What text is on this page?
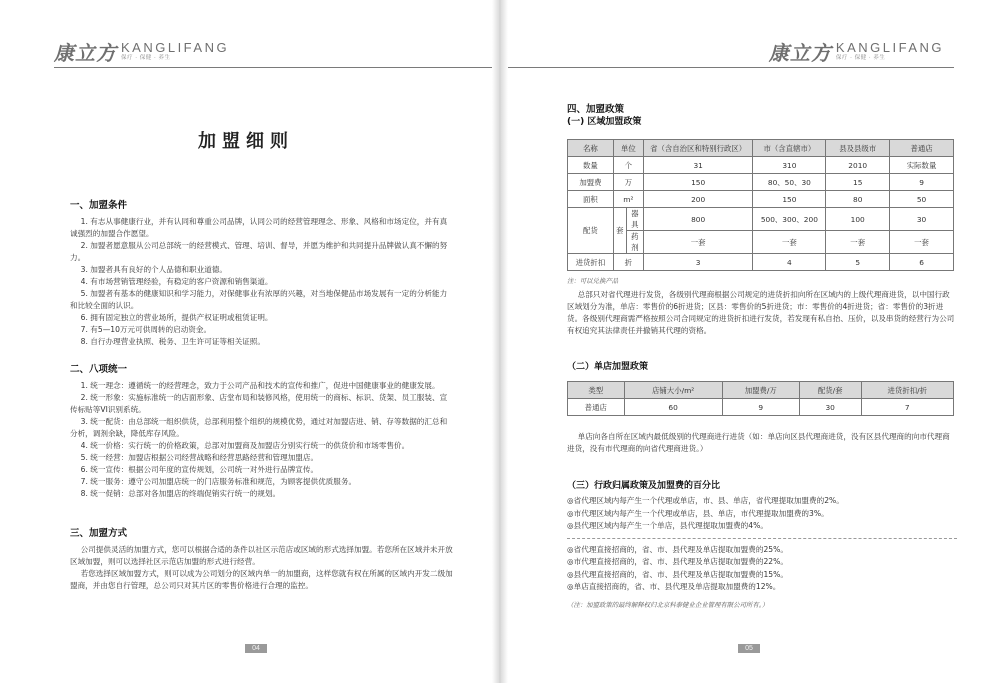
康立方 KANGLIFANG
保疗 · 保健 · 养生
加盟细则
一、加盟条件

1. 有志从事健康行业，并有认同和尊重公司品牌，认同公司的经营管理理念、形象、风格和市场定位，并有真诚强烈的加盟合作愿望。

2. 加盟者愿意服从公司总部统一的经营模式、管理、培训、督导，并愿为维护和共同提升品牌做认真不懈的努力。

3. 加盟者具有良好的个人品德和职业道德。

4. 有市场营销管理经验，有稳定的客户资源和销售渠道。

5. 加盟者有基本的健康知识和学习能力，对保健事业有浓厚的兴趣，对当地保健品市场发展有一定的分析能力和比较全面的认识。

6. 拥有固定独立的营业场所，提供产权证明或租赁证明。

7. 有5—10万元可供周转的启动资金。

8. 自行办理营业执照、税务、卫生许可证等相关证照。

二、八项统一

1. 统一理念：遵循统一的经营理念，致力于公司产品和技术的宣传和推广，促进中国健康事业的健康发展。

2. 统一形象：实施标准统一的店面形象、店堂布局和装修风格，使用统一的商标、标识、货架、员工服装、宣传标贴等VI识别系统。

3. 统一配货：由总部统一组织供货，总部利用整个组织的规模优势，通过对加盟店进、销、存等数据的汇总和分析，调剂余缺，降低库存风险。

4. 统一价格：实行统一的价格政策，总部对加盟商及加盟店分别实行统一的供货价和市场零售价。

5. 统一经营：加盟店根据公司经营战略和经营思路经营和管理加盟店。

6. 统一宣传：根据公司年度的宣传规划，公司统一对外进行品牌宣传。

7. 统一服务：遵守公司加盟店统一的门店服务标准和规范，为顾客提供优质服务。

8. 统一促销：总部对各加盟店的终端促销实行统一的规划。

三、加盟方式

公司提供灵活的加盟方式，您可以根据合适的条件以社区示范店或区域的形式选择加盟。若您所在区域并未开放区域加盟，则可以选择社区示范店加盟的形式进行经营。

若您选择区域加盟方式，则可以成为公司划分的区域内单一的加盟商，这样您就有权在所属的区域内开发二级加盟商，并由您自行管理，总公司只对其片区的零售价格进行合理的监控。

04
康立方 KANGLIFANG
保疗 · 保健 · 养生
四、加盟政策
(一) 区域加盟政策
名称	单位		省（含自治区和特别行政区）	市（含直辖市）	县及县级市	普通店
数量	个		31	310	2010	实际数量
加盟费	万		150	80、50、30	15	9
面积	m²		200	150	80	50
配货	套	器具	800	500、300、200	100	30
		药剂	一套	一套	一套	一套
进货折扣	折		3	4	5	6
注：可以兑换产品

总部只对省代理进行发货，各级别代理商根据公司规定的进货折扣向所在区域内的上级代理商进货，以中国行政区域划分为准，单店：零售价的6折进货；区县：零售价的5折进货；市：零售价的4折进货；省：零售价的3折进货。各级别代理商需严格按照公司合同规定的进货折扣进行发货，若发现有私自抬、压价，以及串货的经营行为公司有权追究其法律责任并撤销其代理的资格。

（二）单店加盟政策
类型	店铺大小/m²	加盟费/万	配货/套	进货折扣/折
普通店	60	9	30	7

单店向各自所在区域内最低级别的代理商进行进货（如：单店向区县代理商进货，没有区县代理商的向市代理商进货，没有市代理商的向省代理商进货。）

（三）行政归属政策及加盟费的百分比
◎省代理区域内每产生一个代理或单店，市、县、单店，省代理提取加盟费的2%。
◎市代理区域内每产生一个代理或单店，县、单店，市代理提取加盟费的3%。
◎县代理区域内每产生一个单店，县代理提取加盟费的4%。
◎省代理直接招商的，省、市、县代理及单店提取加盟费的25%。
◎市代理直接招商的，省、市、县代理及单店提取加盟费的22%。
◎县代理直接招商的，省、市、县代理及单店提取加盟费的15%。
◎单店直接招商的，省、市、县代理及单店提取加盟费的12%。
（注：加盟政策的最终解释权归北京科泰健业企业管理有限公司所有。）
05
